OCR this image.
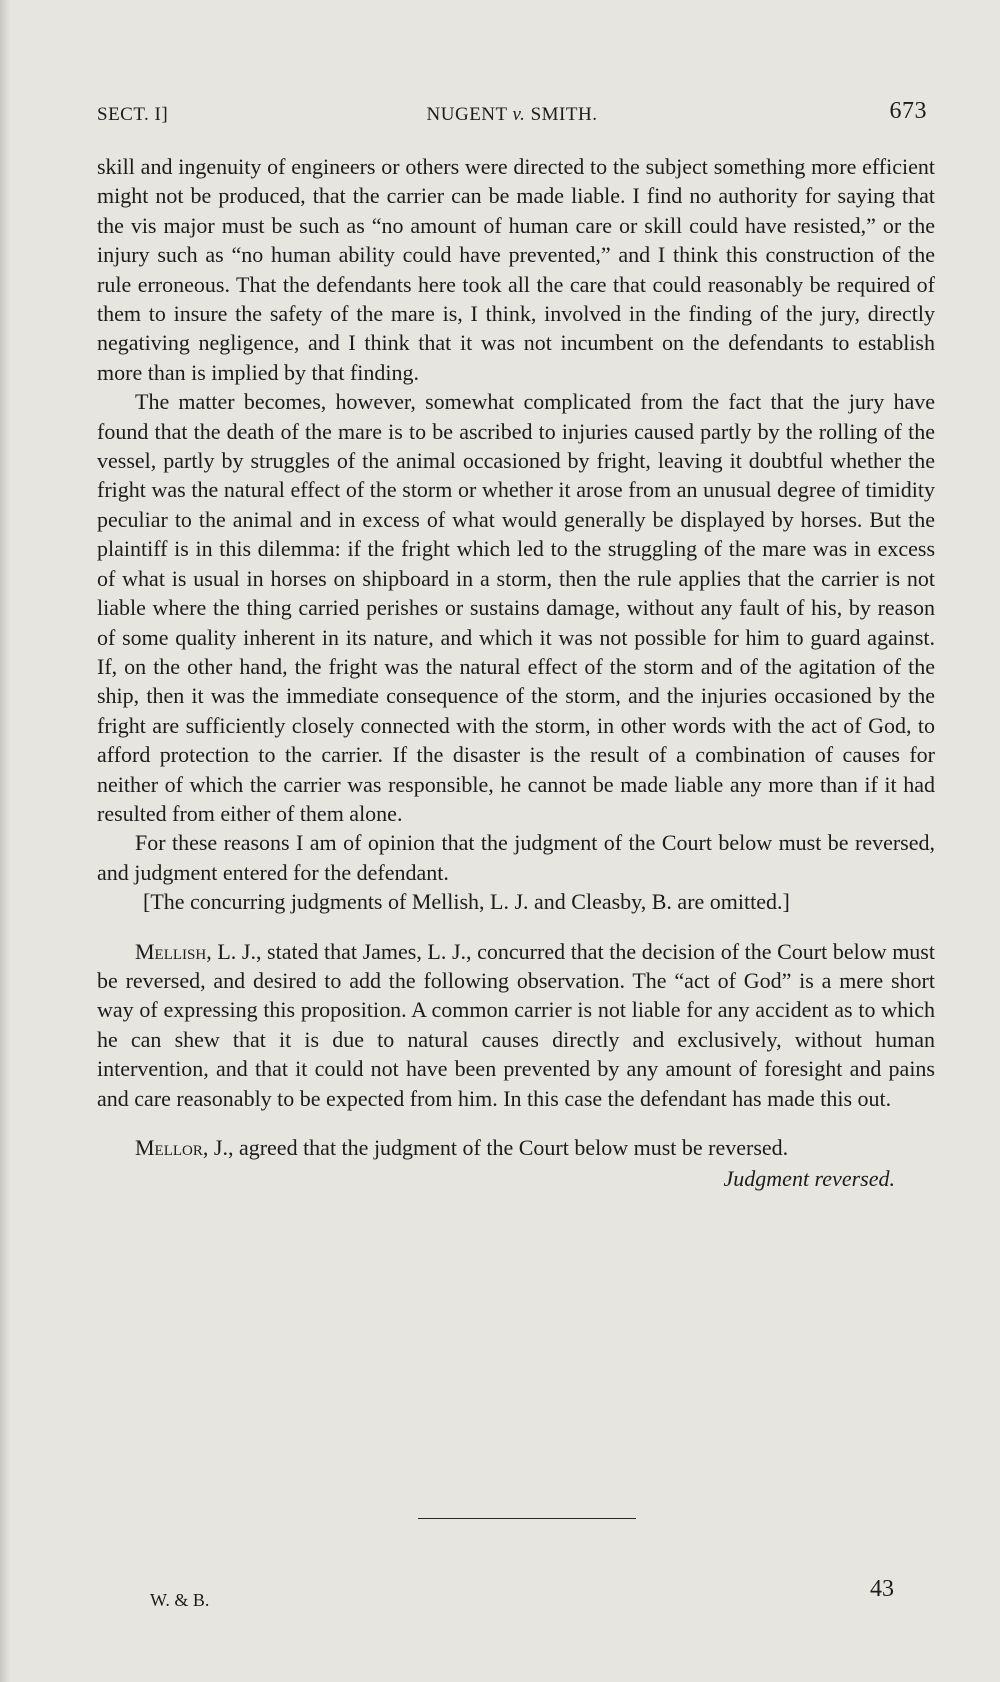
SECT. I]	NUGENT v. SMITH.	673

skill and ingenuity of engineers or others were directed to the subject something more efficient might not be produced, that the carrier can be made liable. I find no authority for saying that the vis major must be such as “no amount of human care or skill could have resisted,” or the injury such as “no human ability could have prevented,” and I think this construction of the rule erroneous. That the defendants here took all the care that could reasonably be required of them to insure the safety of the mare is, I think, involved in the finding of the jury, directly negativing negligence, and I think that it was not incumbent on the defendants to establish more than is implied by that finding.

The matter becomes, however, somewhat complicated from the fact that the jury have found that the death of the mare is to be ascribed to injuries caused partly by the rolling of the vessel, partly by struggles of the animal occasioned by fright, leaving it doubtful whether the fright was the natural effect of the storm or whether it arose from an unusual degree of timidity peculiar to the animal and in excess of what would generally be displayed by horses. But the plaintiff is in this dilemma: if the fright which led to the struggling of the mare was in excess of what is usual in horses on shipboard in a storm, then the rule applies that the carrier is not liable where the thing carried perishes or sustains damage, without any fault of his, by reason of some quality inherent in its nature, and which it was not possible for him to guard against. If, on the other hand, the fright was the natural effect of the storm and of the agitation of the ship, then it was the immediate consequence of the storm, and the injuries occasioned by the fright are sufficiently closely connected with the storm, in other words with the act of God, to afford protection to the carrier. If the disaster is the result of a combination of causes for neither of which the carrier was responsible, he cannot be made liable any more than if it had resulted from either of them alone.

For these reasons I am of opinion that the judgment of the Court below must be reversed, and judgment entered for the defendant.

[The concurring judgments of Mellish, L. J. and Cleasby, B. are omitted.]

Mellish, L. J., stated that James, L. J., concurred that the decision of the Court below must be reversed, and desired to add the following observation. The “act of God” is a mere short way of expressing this proposition. A common carrier is not liable for any accident as to which he can shew that it is due to natural causes directly and exclusively, without human intervention, and that it could not have been prevented by any amount of foresight and pains and care reasonably to be expected from him. In this case the defendant has made this out.

Mellor, J., agreed that the judgment of the Court below must be reversed.

Judgment reversed.

W. & B.	43
